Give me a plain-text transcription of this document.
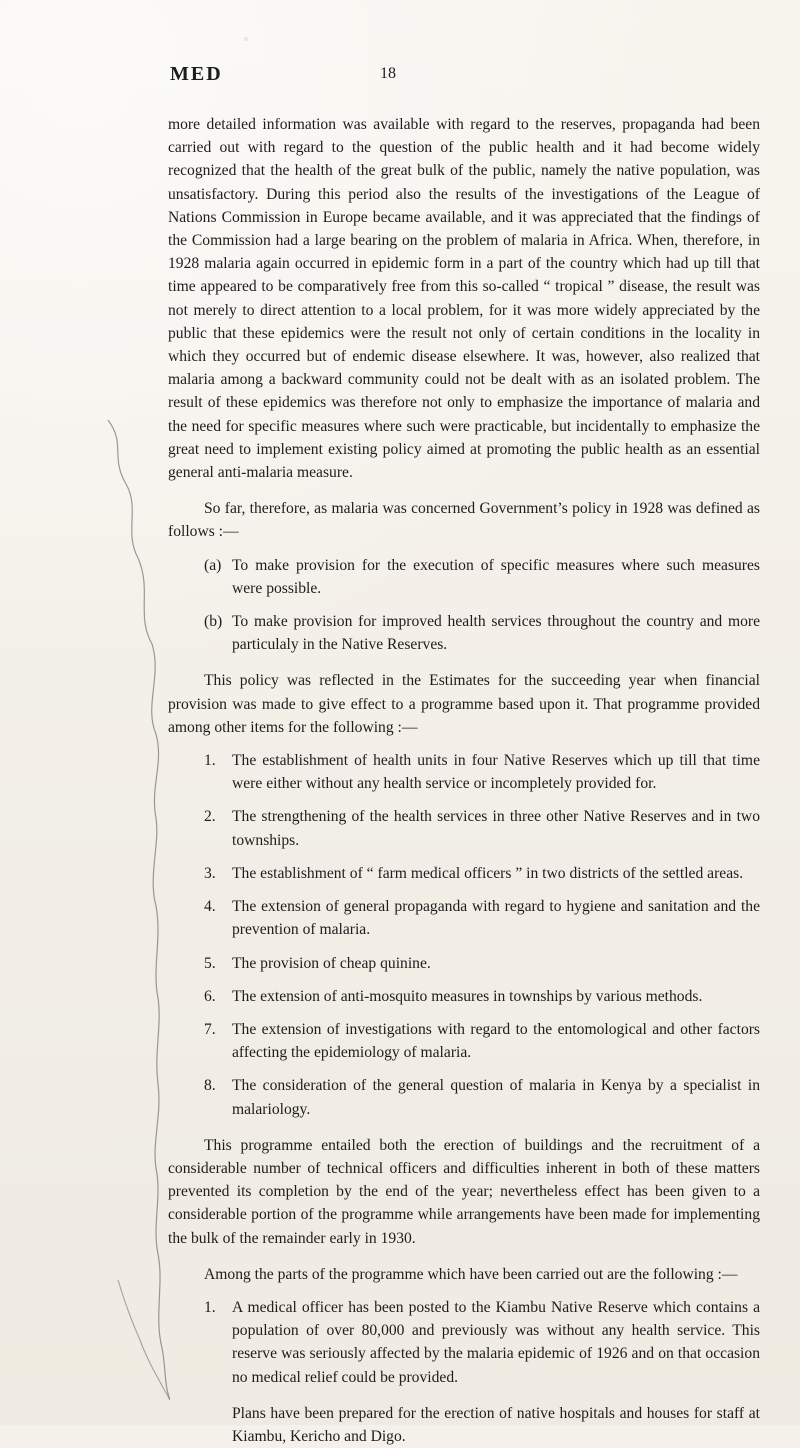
MED	18

more detailed information was available with regard to the reserves, propaganda had been carried out with regard to the question of the public health and it had become widely recognized that the health of the great bulk of the public, namely the native population, was unsatisfactory. During this period also the results of the investigations of the League of Nations Commission in Europe became available, and it was appreciated that the findings of the Commission had a large bearing on the problem of malaria in Africa. When, therefore, in 1928 malaria again occurred in epidemic form in a part of the country which had up till that time appeared to be comparatively free from this so-called “ tropical ” disease, the result was not merely to direct attention to a local problem, for it was more widely appreciated by the public that these epidemics were the result not only of certain conditions in the locality in which they occurred but of endemic disease elsewhere. It was, however, also realized that malaria among a backward community could not be dealt with as an isolated problem. The result of these epidemics was therefore not only to emphasize the importance of malaria and the need for specific measures where such were practicable, but incidentally to emphasize the great need to implement existing policy aimed at promoting the public health as an essential general anti-malaria measure.

So far, therefore, as malaria was concerned Government’s policy in 1928 was defined as follows :—

(a) To make provision for the execution of specific measures where such measures were possible.
(b) To make provision for improved health services throughout the country and more particulaly in the Native Reserves.

This policy was reflected in the Estimates for the succeeding year when financial provision was made to give effect to a programme based upon it. That programme provided among other items for the following :—

1.	The establishment of health units in four Native Reserves which up till that time were either without any health service or incompletely provided for.
2.	The strengthening of the health services in three other Native Reserves and in two townships.
3.	The establishment of “ farm medical officers ” in two districts of the settled areas.
4.	The extension of general propaganda with regard to hygiene and sanitation and the prevention of malaria.
5.	The provision of cheap quinine.
6.	The extension of anti-mosquito measures in townships by various methods.
7.	The extension of investigations with regard to the entomological and other factors affecting the epidemiology of malaria.
8.	The consideration of the general question of malaria in Kenya by a specialist in malariology.

This programme entailed both the erection of buildings and the recruitment of a considerable number of technical officers and difficulties inherent in both of these matters prevented its completion by the end of the year; nevertheless effect has been given to a considerable portion of the programme while arrangements have been made for implementing the bulk of the remainder early in 1930.

Among the parts of the programme which have been carried out are the following :—

1.	A medical officer has been posted to the Kiambu Native Reserve which contains a population of over 80,000 and previously was without any health service. This reserve was seriously affected by the malaria epidemic of 1926 and on that occasion no medical relief could be provided.

Plans have been prepared for the erection of native hospitals and houses for staff at Kiambu, Kericho and Digo.
